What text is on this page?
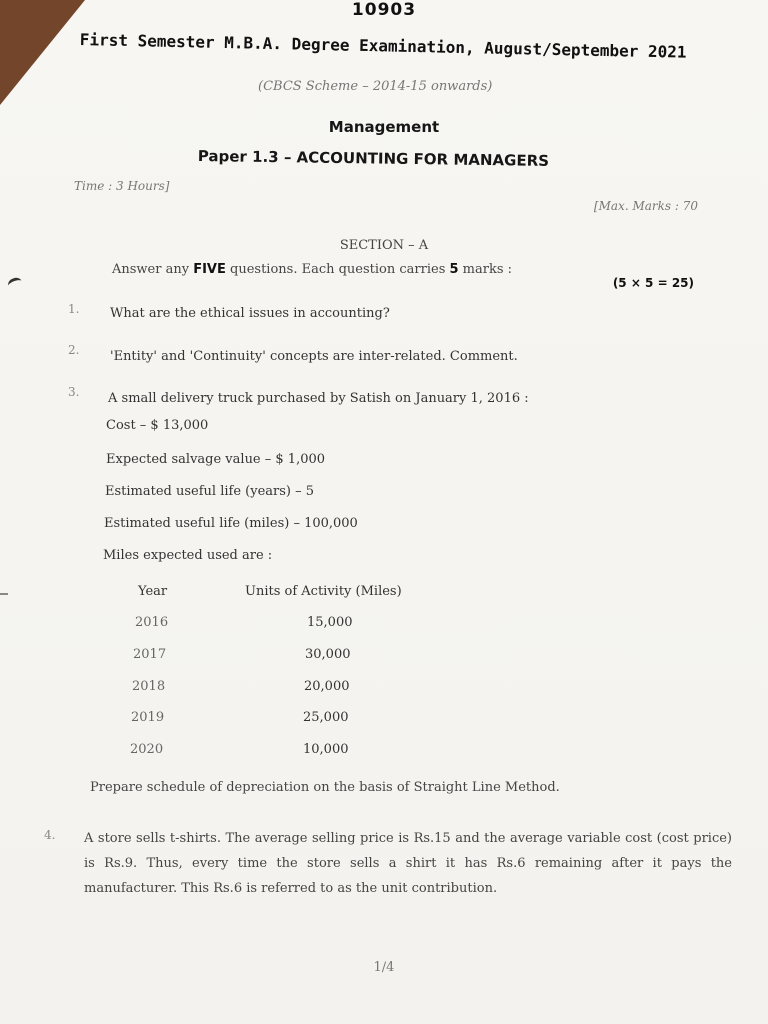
10903
First Semester M.B.A. Degree Examination, August/September 2021
(CBCS Scheme – 2014-15 onwards)
Management
Paper 1.3 – ACCOUNTING FOR MANAGERS
Time : 3 Hours]
[Max. Marks : 70
SECTION – A
Answer any FIVE questions. Each question carries 5 marks :
(5 × 5 = 25)
1. What are the ethical issues in accounting?
2. 'Entity' and 'Continuity' concepts are inter-related. Comment.
3. A small delivery truck purchased by Satish on January 1, 2016 :
Cost – $ 13,000
Expected salvage value – $ 1,000
Estimated useful life (years) – 5
Estimated useful life (miles) – 100,000
Miles expected used are :
Year	Units of Activity (Miles)
2016	15,000
2017	30,000
2018	20,000
2019	25,000
2020	10,000
Prepare schedule of depreciation on the basis of Straight Line Method.
4. A store sells t-shirts. The average selling price is Rs.15 and the average variable cost (cost price) is Rs.9. Thus, every time the store sells a shirt it has Rs.6 remaining after it pays the manufacturer. This Rs.6 is referred to as the unit contribution.
1/4
